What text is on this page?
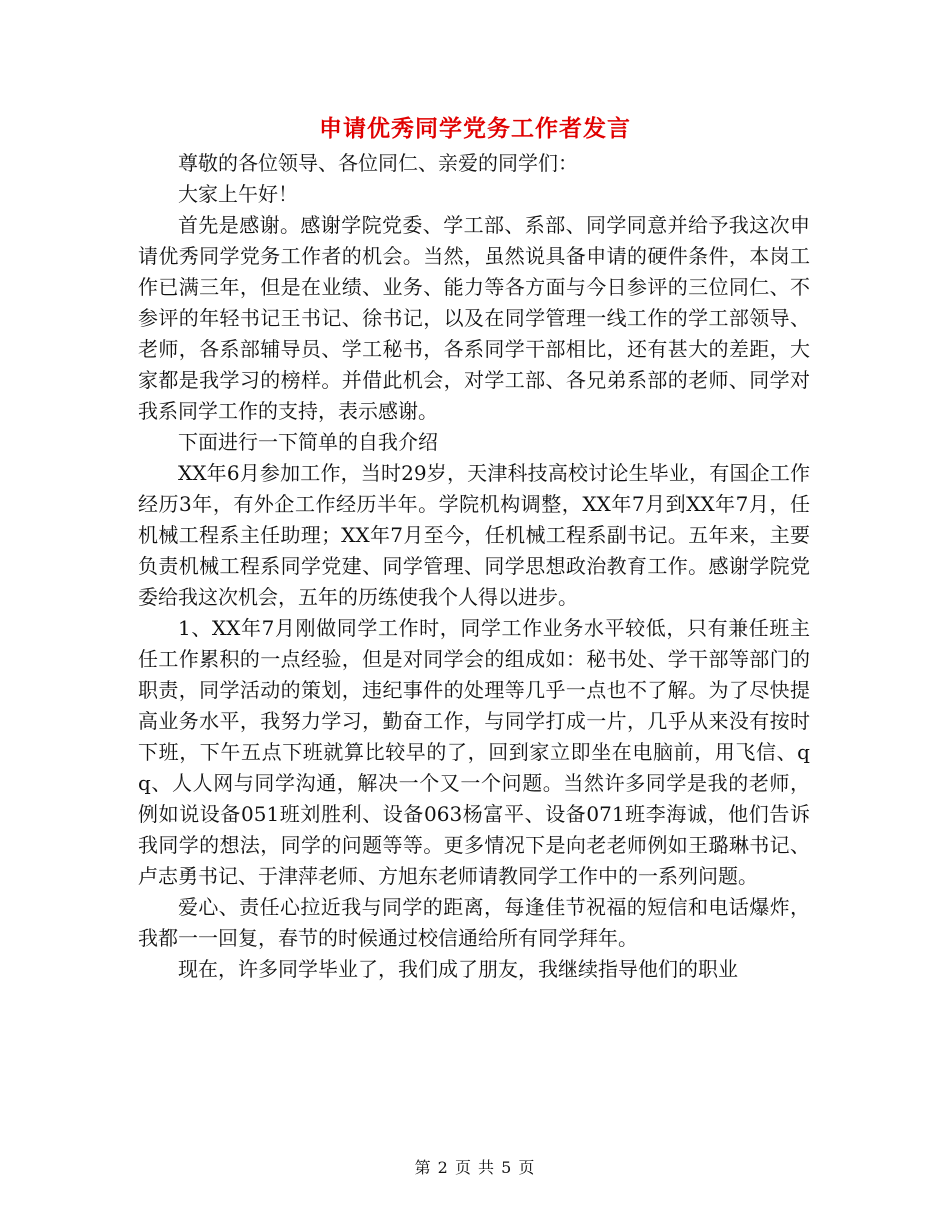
申请优秀同学党务工作者发言

尊敬的各位领导、各位同仁、亲爱的同学们：

大家上午好！

首先是感谢。感谢学院党委、学工部、系部、同学同意并给予我这次申请优秀同学党务工作者的机会。当然，虽然说具备申请的硬件条件，本岗工作已满三年，但是在业绩、业务、能力等各方面与今日参评的三位同仁、不参评的年轻书记王书记、徐书记，以及在同学管理一线工作的学工部领导、老师，各系部辅导员、学工秘书，各系同学干部相比，还有甚大的差距，大家都是我学习的榜样。并借此机会，对学工部、各兄弟系部的老师、同学对我系同学工作的支持，表示感谢。

下面进行一下简单的自我介绍

XX年6月参加工作，当时29岁，天津科技高校讨论生毕业，有国企工作经历3年，有外企工作经历半年。学院机构调整，XX年7月到XX年7月，任机械工程系主任助理；XX年7月至今，任机械工程系副书记。五年来，主要负责机械工程系同学党建、同学管理、同学思想政治教育工作。感谢学院党委给我这次机会，五年的历练使我个人得以进步。

1、XX年7月刚做同学工作时，同学工作业务水平较低，只有兼任班主任工作累积的一点经验，但是对同学会的组成如：秘书处、学干部等部门的职责，同学活动的策划，违纪事件的处理等几乎一点也不了解。为了尽快提高业务水平，我努力学习，勤奋工作，与同学打成一片，几乎从来没有按时下班，下午五点下班就算比较早的了，回到家立即坐在电脑前，用飞信、qq、人人网与同学沟通，解决一个又一个问题。当然许多同学是我的老师，例如说设备051班刘胜利、设备063杨富平、设备071班李海诚，他们告诉我同学的想法，同学的问题等等。更多情况下是向老老师例如王璐琳书记、卢志勇书记、于津萍老师、方旭东老师请教同学工作中的一系列问题。

爱心、责任心拉近我与同学的距离，每逢佳节祝福的短信和电话爆炸，我都一一回复，春节的时候通过校信通给所有同学拜年。

现在，许多同学毕业了，我们成了朋友，我继续指导他们的职业

第 2 页 共 5 页
